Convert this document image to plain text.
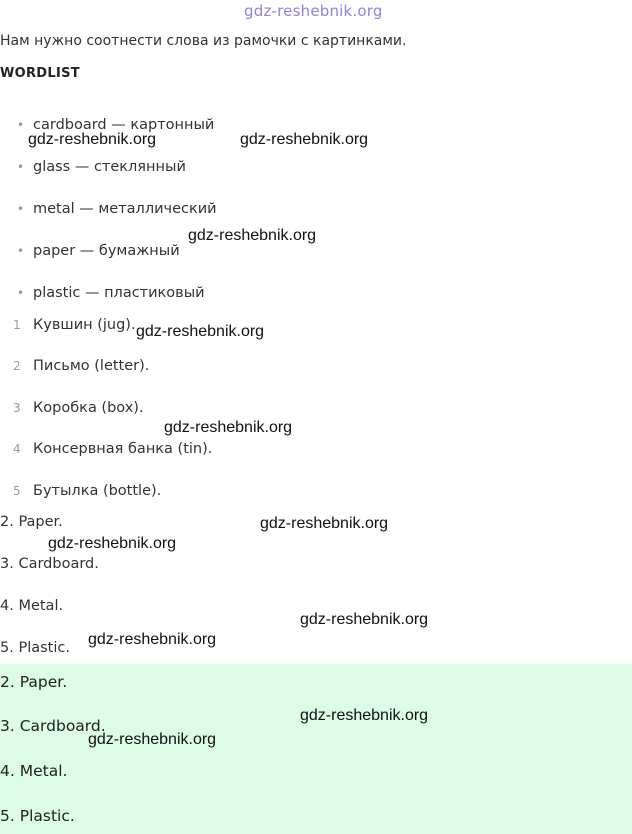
gdz-reshebnik.org
Нам нужно соотнести слова из рамочки с картинками.
WORDLIST
• cardboard — картонный
• glass — стеклянный
• metal — металлический
• paper — бумажный
• plastic — пластиковый
1 Кувшин (jug).
2 Письмо (letter).
3 Коробка (box).
4 Консервная банка (tin).
5 Бутылка (bottle).
2. Paper.
3. Cardboard.
4. Metal.
5. Plastic.
2. Paper.
3. Cardboard.
4. Metal.
5. Plastic.
gdz-reshebnik.org	gdz-reshebnik.org
gdz-reshebnik.org
gdz-reshebnik.org
gdz-reshebnik.org
gdz-reshebnik.org
gdz-reshebnik.org
gdz-reshebnik.org
gdz-reshebnik.org
gdz-reshebnik.org
gdz-reshebnik.org
